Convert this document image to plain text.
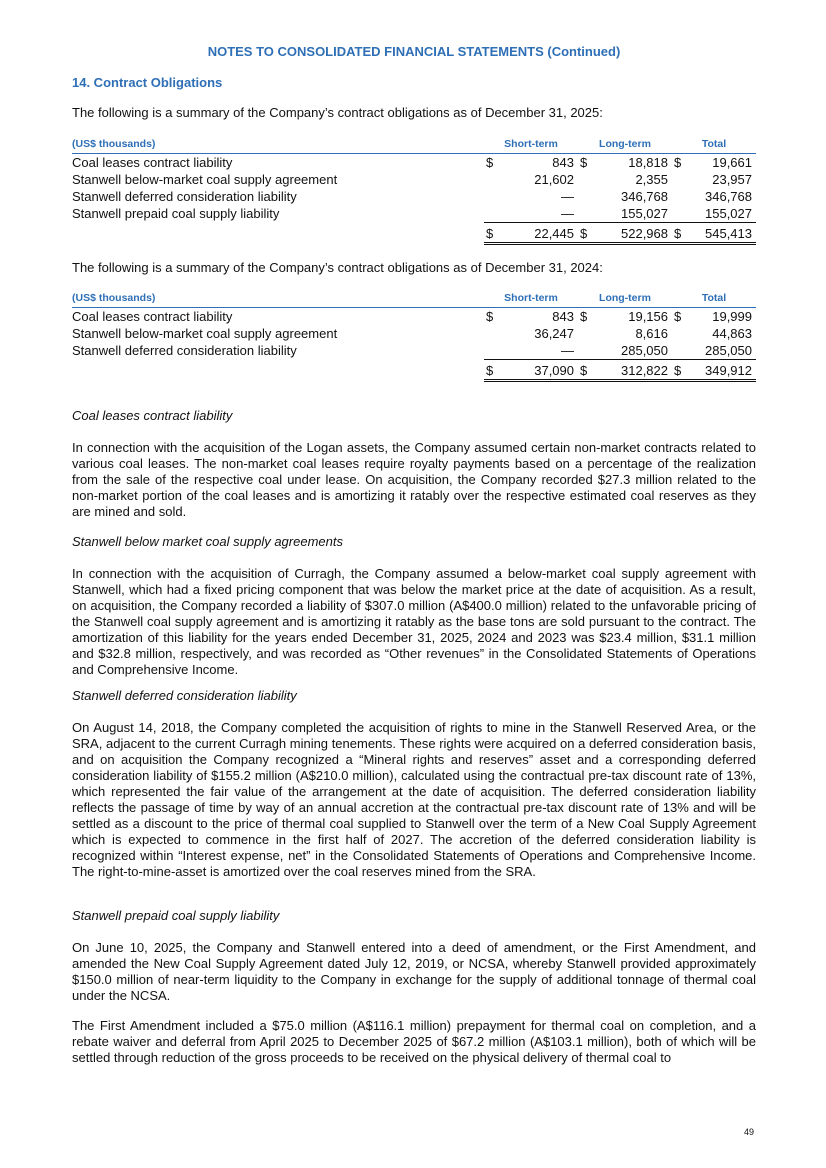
NOTES TO CONSOLIDATED FINANCIAL STATEMENTS (Continued)
14. Contract Obligations
The following is a summary of the Company’s contract obligations as of December 31, 2025:
(US$ thousands)	Short-term		Long-term		Total	
Coal leases contract liability	$	843	$	18,818	$	19,661
Stanwell below-market coal supply agreement		21,602		2,355		23,957
Stanwell deferred consideration liability		—		346,768		346,768
Stanwell prepaid coal supply liability		—		155,027		155,027
	$	22,445	$	522,968	$	545,413
The following is a summary of the Company’s contract obligations as of December 31, 2024:
(US$ thousands)	Short-term		Long-term		Total	
Coal leases contract liability	$	843	$	19,156	$	19,999
Stanwell below-market coal supply agreement		36,247		8,616		44,863
Stanwell deferred consideration liability		—		285,050		285,050
	$	37,090	$	312,822	$	349,912
Coal leases contract liability

In connection with the acquisition of the Logan assets, the Company assumed certain non-market contracts related to various coal leases. The non-market coal leases require royalty payments based on a percentage of the realization from the sale of the respective coal under lease. On acquisition, the Company recorded $27.3 million related to the non-market portion of the coal leases and is amortizing it ratably over the respective estimated coal reserves as they are mined and sold.

Stanwell below market coal supply agreements

In connection with the acquisition of Curragh, the Company assumed a below-market coal supply agreement with Stanwell, which had a fixed pricing component that was below the market price at the date of acquisition. As a result, on acquisition, the Company recorded a liability of $307.0 million (A$400.0 million) related to the unfavorable pricing of the Stanwell coal supply agreement and is amortizing it ratably as the base tons are sold pursuant to the contract. The amortization of this liability for the years ended December 31, 2025, 2024 and 2023 was $23.4 million, $31.1 million and $32.8 million, respectively, and was recorded as “Other revenues” in the Consolidated Statements of Operations and Comprehensive Income.

Stanwell deferred consideration liability

On August 14, 2018, the Company completed the acquisition of rights to mine in the Stanwell Reserved Area, or the SRA, adjacent to the current Curragh mining tenements. These rights were acquired on a deferred consideration basis, and on acquisition the Company recognized a “Mineral rights and reserves” asset and a corresponding deferred consideration liability of $155.2 million (A$210.0 million), calculated using the contractual pre-tax discount rate of 13%, which represented the fair value of the arrangement at the date of acquisition. The deferred consideration liability reflects the passage of time by way of an annual accretion at the contractual pre-tax discount rate of 13% and will be settled as a discount to the price of thermal coal supplied to Stanwell over the term of a New Coal Supply Agreement which is expected to commence in the first half of 2027. The accretion of the deferred consideration liability is recognized within “Interest expense, net” in the Consolidated Statements of Operations and Comprehensive Income. The right-to-mine-asset is amortized over the coal reserves mined from the SRA.

Stanwell prepaid coal supply liability

On June 10, 2025, the Company and Stanwell entered into a deed of amendment, or the First Amendment, and amended the New Coal Supply Agreement dated July 12, 2019, or NCSA, whereby Stanwell provided approximately $150.0 million of near-term liquidity to the Company in exchange for the supply of additional tonnage of thermal coal under the NCSA.

The First Amendment included a $75.0 million (A$116.1 million) prepayment for thermal coal on completion, and a rebate waiver and deferral from April 2025 to December 2025 of $67.2 million (A$103.1 million), both of which will be settled through reduction of the gross proceeds to be received on the physical delivery of thermal coal to

49
